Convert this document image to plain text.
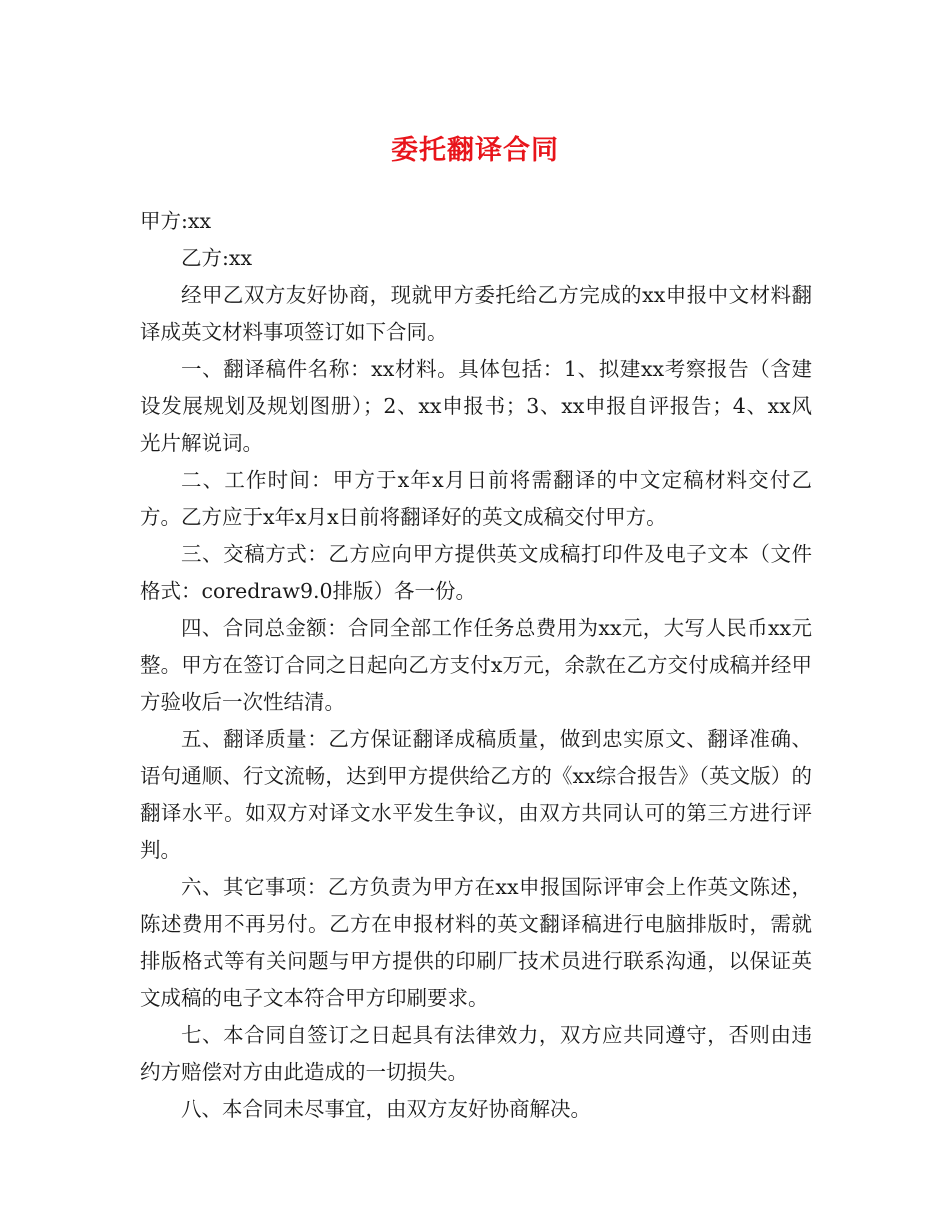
委托翻译合同

甲方:xx

乙方:xx

经甲乙双方友好协商，现就甲方委托给乙方完成的xx申报中文材料翻译成英文材料事项签订如下合同。

一、翻译稿件名称：xx材料。具体包括：1、拟建xx考察报告（含建设发展规划及规划图册）；2、xx申报书；3、xx申报自评报告；4、xx风光片解说词。

二、工作时间：甲方于x年x月日前将需翻译的中文定稿材料交付乙方。乙方应于x年x月x日前将翻译好的英文成稿交付甲方。

三、交稿方式：乙方应向甲方提供英文成稿打印件及电子文本（文件格式：coredraw9.0排版）各一份。

四、合同总金额：合同全部工作任务总费用为xx元，大写人民币xx元整。甲方在签订合同之日起向乙方支付x万元，余款在乙方交付成稿并经甲方验收后一次性结清。

五、翻译质量：乙方保证翻译成稿质量，做到忠实原文、翻译准确、语句通顺、行文流畅，达到甲方提供给乙方的《xx综合报告》（英文版）的翻译水平。如双方对译文水平发生争议，由双方共同认可的第三方进行评判。

六、其它事项：乙方负责为甲方在xx申报国际评审会上作英文陈述，陈述费用不再另付。乙方在申报材料的英文翻译稿进行电脑排版时，需就排版格式等有关问题与甲方提供的印刷厂技术员进行联系沟通，以保证英文成稿的电子文本符合甲方印刷要求。

七、本合同自签订之日起具有法律效力，双方应共同遵守，否则由违约方赔偿对方由此造成的一切损失。

八、本合同未尽事宜，由双方友好协商解决。
